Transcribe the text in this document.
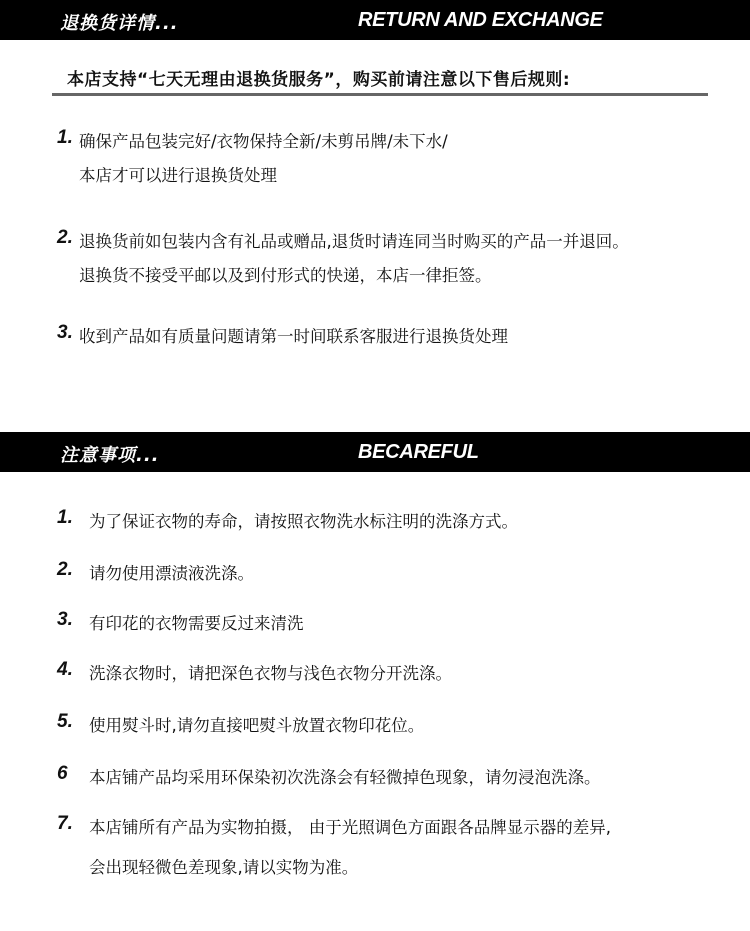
退换货详情...	RETURN AND EXCHANGE
本店支持“七天无理由退换货服务”，购买前请注意以下售后规则:
1. 确保产品包装完好/衣物保持全新/未剪吊牌/未下水/
本店才可以进行退换货处理
2. 退换货前如包装内含有礼品或赠品,退货时请连同当时购买的产品一并退回。
退换货不接受平邮以及到付形式的快递，本店一律拒签。
3. 收到产品如有质量问题请第一时间联系客服进行退换货处理
注意事项...	BECAREFUL
1. 为了保证衣物的寿命，请按照衣物洗水标注明的洗涤方式。
2. 请勿使用漂渍液洗涤。
3. 有印花的衣物需要反过来清洗
4. 洗涤衣物时，请把深色衣物与浅色衣物分开洗涤。
5. 使用熨斗时,请勿直接吧熨斗放置衣物印花位。
6 本店铺产品均采用环保染初次洗涤会有轻微掉色现象，请勿浸泡洗涤。
7. 本店铺所有产品为实物拍摄， 由于光照调色方面跟各品牌显示器的差异,
会出现轻微色差现象,请以实物为准。
